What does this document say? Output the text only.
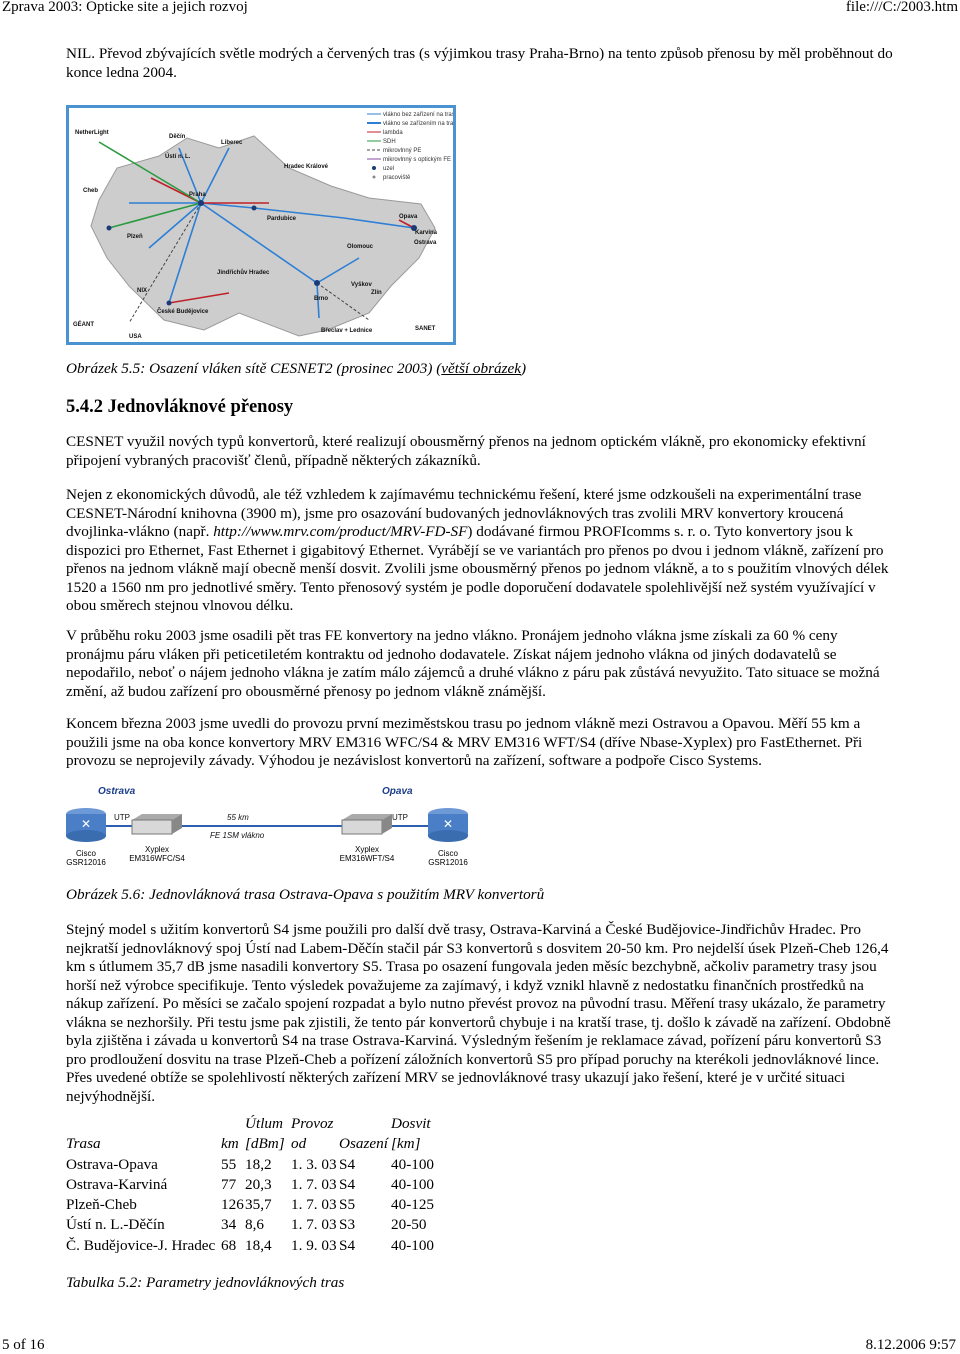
Zprava 2003: Opticke site a jejich rozvoj	file:///C:/2003.htm

NIL. Převod zbývajících světle modrých a červených tras (s výjimkou trasy Praha-Brno) na tento způsob přenosu by měl proběhnout do konce ledna 2004.

vlákno bez zařízení na trase
vlákno se zařízením na trase
lambda
SDH
mikrovlnný PE
mikrovlnný s optickým FE
uzel
pracoviště
NetherLight
Děčín
Ústí n. L.
Liberec
Cheb
Praha
Hradec Králové
Pardubice
Plzeň
Opava
Karviná
Ostrava
Olomouc
Jindřichův Hradec
NIX
Vyškov
Zlín
České Budějovice
Brno
GÉANT
USA
Břeclav + Lednice	SANET

Obrázek 5.5: Osazení vláken sítě CESNET2 (prosinec 2003) (větší obrázek)

5.4.2 Jednovláknové přenosy

CESNET využil nových typů konvertorů, které realizují obousměrný přenos na jednom optickém vlákně, pro ekonomicky efektivní připojení vybraných pracovišť členů, případně některých zákazníků.

Nejen z ekonomických důvodů, ale též vzhledem k zajímavému technickému řešení, které jsme odzkoušeli na experimentální trase CESNET-Národní knihovna (3900 m), jsme pro osazování budovaných jednovláknových tras zvolili MRV konvertory kroucená dvojlinka-vlákno (např. http://www.mrv.com/product/MRV-FD-SF) dodávané firmou PROFIcomms s. r. o. Tyto konvertory jsou k dispozici pro Ethernet, Fast Ethernet i gigabitový Ethernet. Vyrábějí se ve variantách pro přenos po dvou i jednom vlákně, zařízení pro přenos na jednom vlákně mají obecně menší dosvit. Zvolili jsme obousměrný přenos po jednom vlákně, a to s použitím vlnových délek 1520 a 1560 nm pro jednotlivé směry. Tento přenosový systém je podle doporučení dodavatele spolehlivější než systém využívající v obou směrech stejnou vlnovou délku.

V průběhu roku 2003 jsme osadili pět tras FE konvertory na jedno vlákno. Pronájem jednoho vlákna jsme získali za 60 % ceny pronájmu páru vláken při peticetiletém kontraktu od jednoho dodavatele. Získat nájem jednoho vlákna od jiných dodavatelů se nepodařilo, neboť o nájem jednoho vlákna je zatím málo zájemců a druhé vlákno z páru pak zůstává nevyužito. Tato situace se možná změní, až budou zařízení pro obousměrné přenosy po jednom vlákně známější.

Koncem března 2003 jsme uvedli do provozu první meziměstskou trasu po jednom vlákně mezi Ostravou a Opavou. Měří 55 km a použili jsme na oba konce konvertory MRV EM316 WFC/S4 & MRV EM316 WFT/S4 (dříve Nbase-Xyplex) pro FastEthernet. Při provozu se neprojevily závady. Výhodou je nezávislost konvertorů na zařízení, software a podpoře Cisco Systems.

Ostrava	Opava
UTP	UTP
55 km
FE 1SM vlákno
✕	✕
Cisco
GSR12016
Cisco
GSR12016
Xyplex
EM316WFC/S4
Xyplex
EM316WFT/S4

Obrázek 5.6: Jednovláknová trasa Ostrava-Opava s použitím MRV konvertorů

Stejný model s užitím konvertorů S4 jsme použili pro další dvě trasy, Ostrava-Karviná a České Budějovice-Jindřichův Hradec. Pro nejkratší jednovláknový spoj Ústí nad Labem-Děčín stačil pár S3 konvertorů s dosvitem 20-50 km. Pro nejdelší úsek Plzeň-Cheb 126,4 km s útlumem 35,7 dB jsme nasadili konvertory S5. Trasa po osazení fungovala jeden měsíc bezchybně, ačkoliv parametry trasy jsou horší než výrobce specifikuje. Tento výsledek považujeme za zajímavý, i když vznikl hlavně z nedostatku finančních prostředků na nákup zařízení. Po měsíci se začalo spojení rozpadat a bylo nutno převést provoz na původní trasu. Měření trasy ukázalo, že parametry vlákna se nezhoršily. Při testu jsme pak zjistili, že tento pár konvertorů chybuje i na kratší trase, tj. došlo k závadě na zařízení. Obdobně byla zjištěna i závada u konvertorů S4 na trase Ostrava-Karviná. Výsledným řešením je reklamace závad, pořízení páru konvertorů S3 pro prodloužení dosvitu na trase Plzeň-Cheb a pořízení záložních konvertorů S5 pro případ poruchy na kterékoli jednovláknové lince. Přes uvedené obtíže se spolehlivostí některých zařízení MRV se jednovláknové trasy ukazují jako řešení, které je v určité situaci nejvýhodnější.

		Útlum	Provoz		Dosvit
Trasa	km	[dBm]	od	Osazení	[km]
Ostrava-Opava	55	18,2	1. 3. 03	S4	40-100
Ostrava-Karviná	77	20,3	1. 7. 03	S4	40-100
Plzeň-Cheb	126	35,7	1. 7. 03	S5	40-125
Ústí n. L.-Děčín	34	8,6	1. 7. 03	S3	20-50
Č. Budějovice-J. Hradec	68	18,4	1. 9. 03	S4	40-100

Tabulka 5.2: Parametry jednovláknových tras

5 of 16	8.12.2006 9:57
